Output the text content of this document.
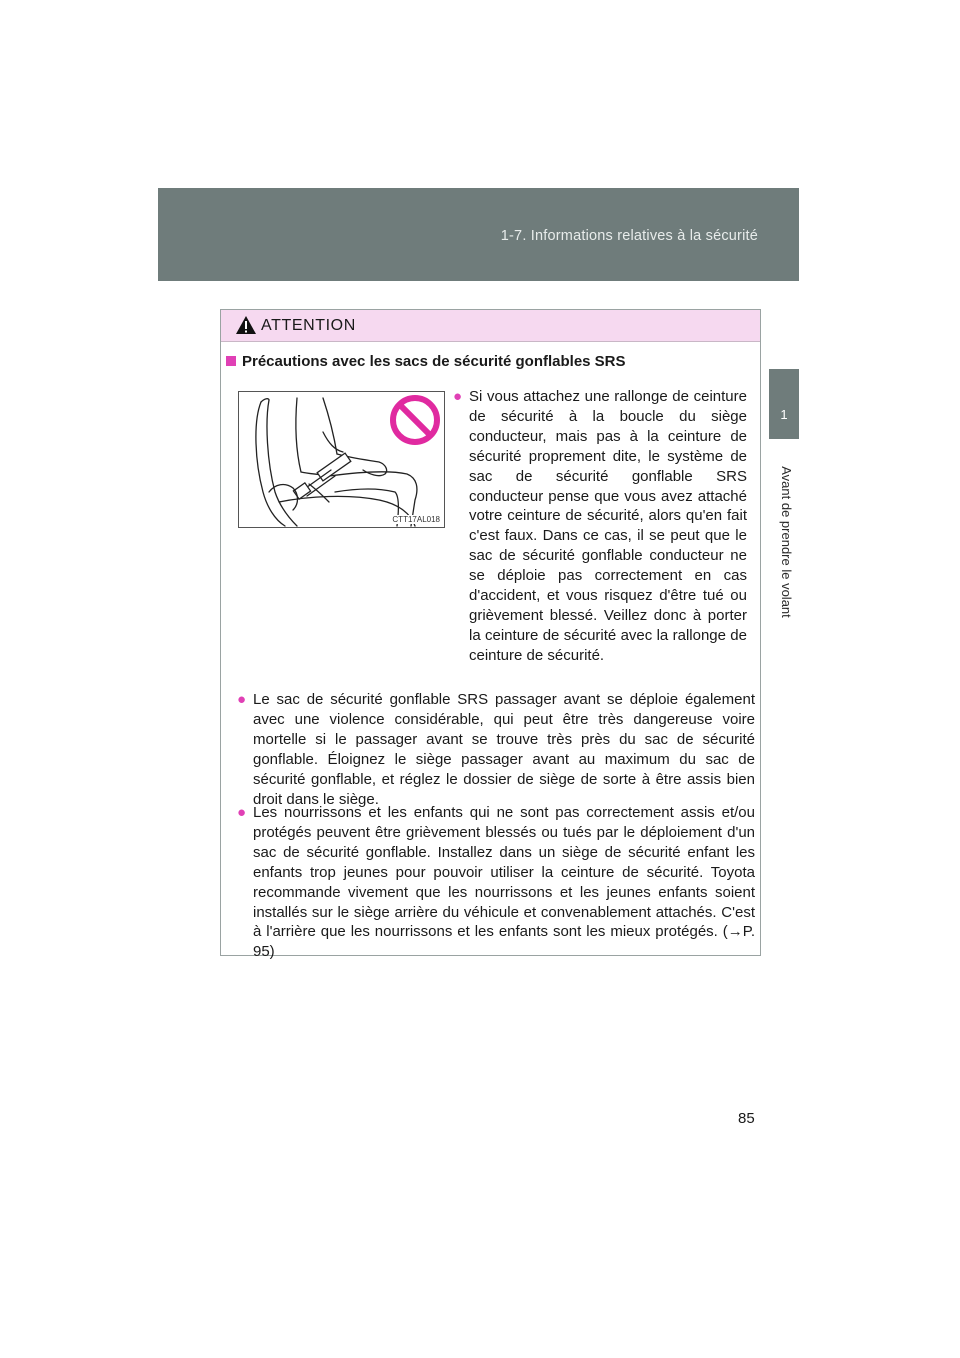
1-7. Informations relatives à la sécurité
1
Avant de prendre le volant
ATTENTION
Précautions avec les sacs de sécurité gonflables SRS
CTT17AL018
● Si vous attachez une rallonge de ceinture de sécurité à la boucle du siège conducteur, mais pas à la ceinture de sécurité proprement dite, le système de sac de sécurité gonflable SRS conducteur pense que vous avez attaché votre ceinture de sécurité, alors qu'en fait c'est faux. Dans ce cas, il se peut que le sac de sécurité gonflable conducteur ne se déploie pas correctement en cas d'accident, et vous risquez d'être tué ou grièvement blessé. Veillez donc à porter la ceinture de sécurité avec la rallonge de ceinture de sécurité.
● Le sac de sécurité gonflable SRS passager avant se déploie également avec une violence considérable, qui peut être très dangereuse voire mortelle si le passager avant se trouve très près du sac de sécurité gonflable. Éloignez le siège passager avant au maximum du sac de sécurité gonflable, et réglez le dossier de siège de sorte à être assis bien droit dans le siège.
● Les nourrissons et les enfants qui ne sont pas correctement assis et/ou protégés peuvent être grièvement blessés ou tués par le déploiement d'un sac de sécurité gonflable. Installez dans un siège de sécurité enfant les enfants trop jeunes pour pouvoir utiliser la ceinture de sécurité. Toyota recommande vivement que les nourrissons et les jeunes enfants soient installés sur le siège arrière du véhicule et convenablement attachés. C'est à l'arrière que les nourrissons et les enfants sont les mieux protégés. (→P. 95)
85
